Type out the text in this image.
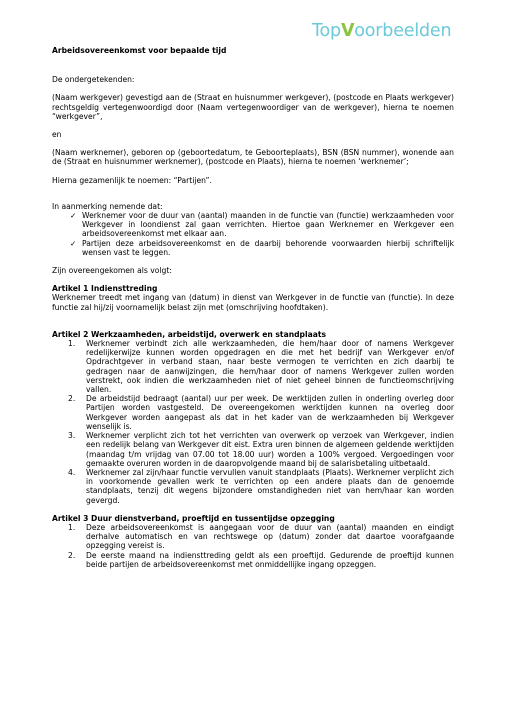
TopVoorbeelden
Arbeidsovereenkomst voor bepaalde tijd
De ondergetekenden:
(Naam werkgever) gevestigd aan de (Straat en huisnummer werkgever), (postcode en Plaats werkgever) rechtsgeldig vertegenwoordigd door (Naam vertegenwoordiger van de werkgever), hierna te noemen “werkgever”,
en
(Naam werknemer), geboren op (geboortedatum, te Geboorteplaats), BSN (BSN nummer), wonende aan de (Straat en huisnummer werknemer), (postcode en Plaats), hierna te noemen ‘werknemer’;
Hierna gezamenlijk te noemen: “Partijen”.
In aanmerking nemende dat:
✓ Werknemer voor de duur van (aantal) maanden in de functie van (functie) werkzaamheden voor Werkgever in loondienst zal gaan verrichten. Hiertoe gaan Werknemer en Werkgever een arbeidsovereenkomst met elkaar aan.
✓ Partijen deze arbeidsovereenkomst en de daarbij behorende voorwaarden hierbij schriftelijk wensen vast te leggen.
Zijn overeengekomen als volgt:
Artikel 1 Indiensttreding
Werknemer treedt met ingang van (datum) in dienst van Werkgever in de functie van (functie). In deze functie zal hij/zij voornamelijk belast zijn met (omschrijving hoofdtaken).
Artikel 2 Werkzaamheden, arbeidstijd, overwerk en standplaats
1. Werknemer verbindt zich alle werkzaamheden, die hem/haar door of namens Werkgever redelijkerwijze kunnen worden opgedragen en die met het bedrijf van Werkgever en/of Opdrachtgever in verband staan, naar beste vermogen te verrichten en zich daarbij te gedragen naar de aanwijzingen, die hem/haar door of namens Werkgever zullen worden verstrekt, ook indien die werkzaamheden niet of niet geheel binnen de functieomschrijving vallen.
2. De arbeidstijd bedraagt (aantal) uur per week. De werktijden zullen in onderling overleg door Partijen worden vastgesteld. De overeengekomen werktijden kunnen na overleg door Werkgever worden aangepast als dat in het kader van de werkzaamheden bij Werkgever wenselijk is.
3. Werknemer verplicht zich tot het verrichten van overwerk op verzoek van Werkgever, indien een redelijk belang van Werkgever dit eist. Extra uren binnen de algemeen geldende werktijden (maandag t/m vrijdag van 07.00 tot 18.00 uur) worden a 100% vergoed. Vergoedingen voor gemaakte overuren worden in de daaropvolgende maand bij de salarisbetaling uitbetaald.
4. Werknemer zal zijn/haar functie vervullen vanuit standplaats (Plaats). Werknemer verplicht zich in voorkomende gevallen werk te verrichten op een andere plaats dan de genoemde standplaats, tenzij dit wegens bijzondere omstandigheden niet van hem/haar kan worden gevergd.
Artikel 3 Duur dienstverband, proeftijd en tussentijdse opzegging
1. Deze arbeidsovereenkomst is aangegaan voor de duur van (aantal) maanden en eindigt derhalve automatisch en van rechtswege op (datum) zonder dat daartoe voorafgaande opzegging vereist is.
2. De eerste maand na indiensttreding geldt als een proeftijd. Gedurende de proeftijd kunnen beide partijen de arbeidsovereenkomst met onmiddellijke ingang opzeggen.
